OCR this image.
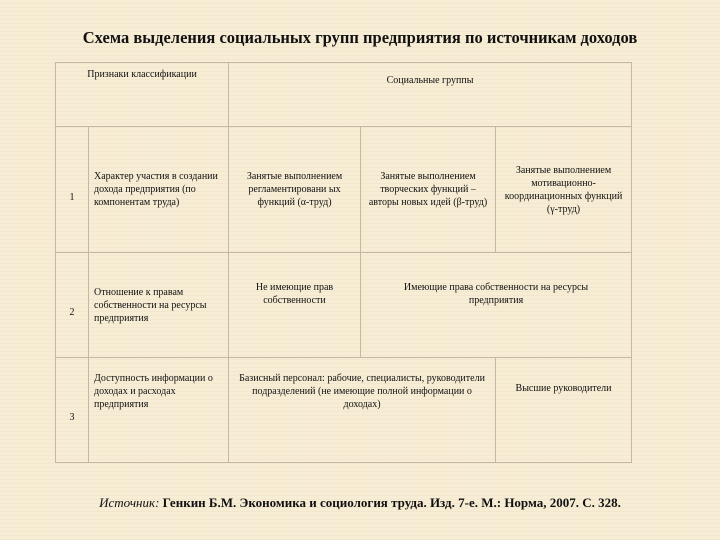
Схема выделения социальных групп предприятия по источникам доходов
Признаки классификации		Социальные группы		
1	Характер участия в создании дохода предприятия (по компонентам труда)	Занятые выполнением регламентировани ых функций (α-труд)	Занятые выполнением творческих функций – авторы новых идей (β-труд)	Занятые выполнением мотивационно-координационных функций (γ-труд)
2	Отношение к правам собственности на ресурсы предприятия	Не имеющие прав собственности	Имеющие права собственности на ресурсы предприятия	
3	Доступность информации о доходах и расходах предприятия	Базисный персонал: рабочие, специалисты, руководители подразделений (не имеющие полной информации о доходах)		Высшие руководители
Источник: Генкин Б.М. Экономика и социология труда. Изд. 7-е. М.: Норма, 2007. С. 328.
